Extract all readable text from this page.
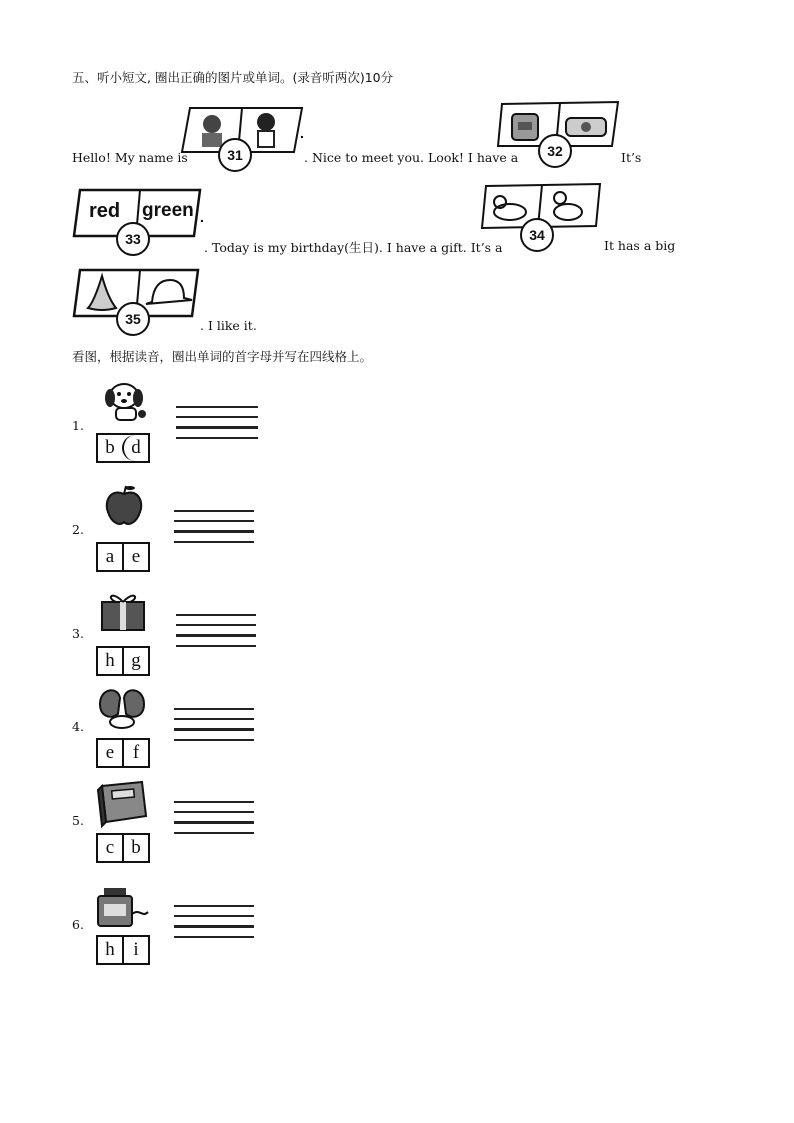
五、听小短文, 圈出正确的图片或单词。(录音听两次)10分
Hello! My name is	. Nice to meet you. Look! I have a	It’s
.
31	32
.
red green
33
. Today is my birthday(生日). I have a gift. It’s a	It has a big
34
35	. I like it.
看图，根据读音，圈出单词的首字母并写在四线格上。
1.
b d
2.
a e
3.
h g
4.
e f
5.
c b
6.
h i
